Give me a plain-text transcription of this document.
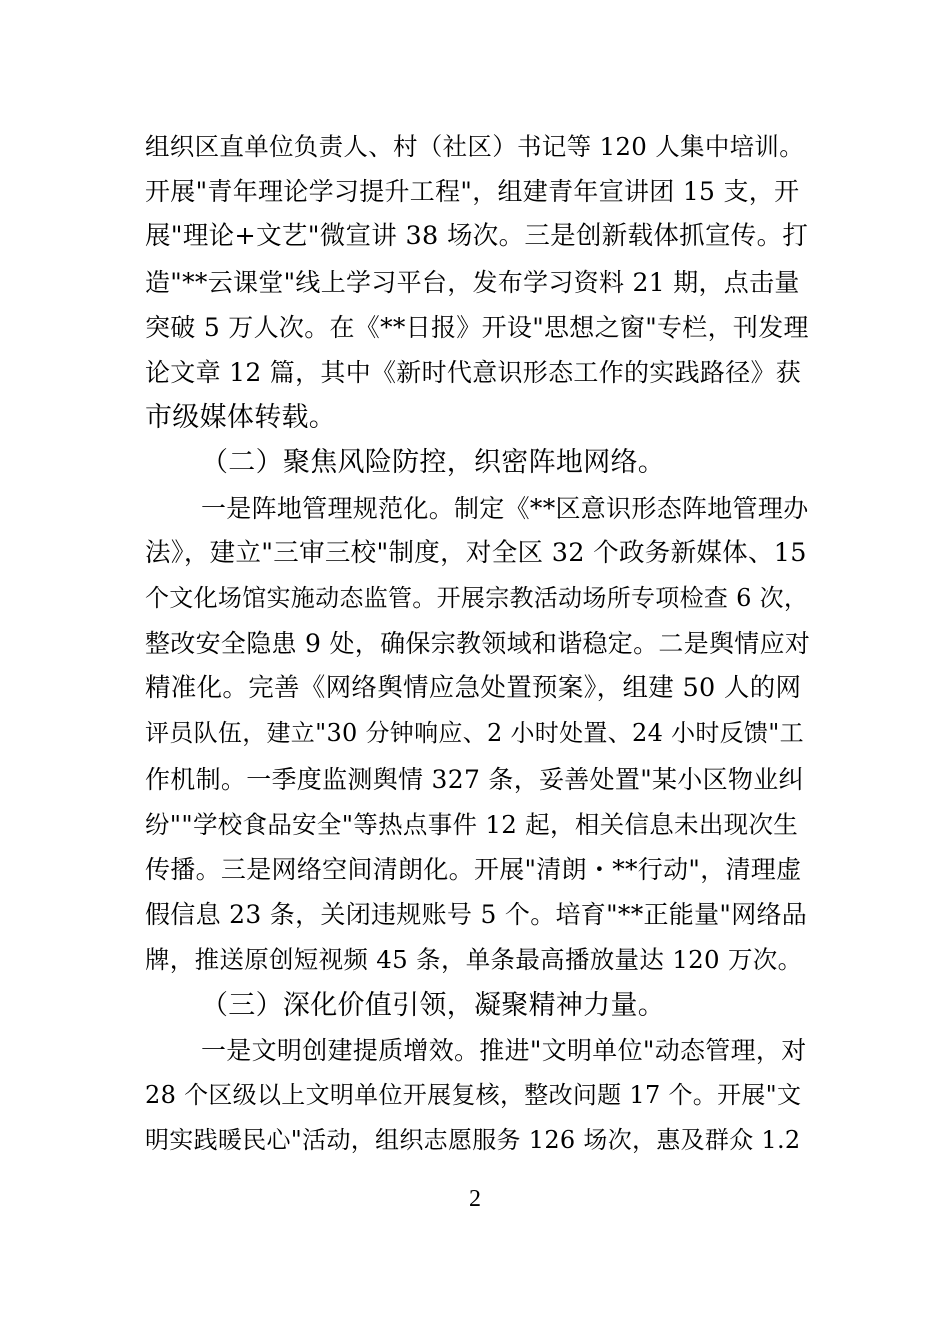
组织区直单位负责人、村（社区）书记等 120 人集中培训。
开展"青年理论学习提升工程"，组建青年宣讲团 15 支，开
展"理论+文艺"微宣讲 38 场次。三是创新载体抓宣传。打
造"**云课堂"线上学习平台，发布学习资料 21 期，点击量
突破 5 万人次。在《**日报》开设"思想之窗"专栏，刊发理
论文章 12 篇，其中《新时代意识形态工作的实践路径》获
市级媒体转载。
（二）聚焦风险防控，织密阵地网络。
一是阵地管理规范化。制定《**区意识形态阵地管理办
法》，建立"三审三校"制度，对全区 32 个政务新媒体、15
个文化场馆实施动态监管。开展宗教活动场所专项检查 6 次，
整改安全隐患 9 处，确保宗教领域和谐稳定。二是舆情应对
精准化。完善《网络舆情应急处置预案》，组建 50 人的网
评员队伍，建立"30 分钟响应、2 小时处置、24 小时反馈"工
作机制。一季度监测舆情 327 条，妥善处置"某小区物业纠
纷""学校食品安全"等热点事件 12 起，相关信息未出现次生
传播。三是网络空间清朗化。开展"清朗・**行动"，清理虚
假信息 23 条，关闭违规账号 5 个。培育"**正能量"网络品
牌，推送原创短视频 45 条，单条最高播放量达 120 万次。
（三）深化价值引领，凝聚精神力量。
一是文明创建提质增效。推进"文明单位"动态管理，对
28 个区级以上文明单位开展复核，整改问题 17 个。开展"文
明实践暖民心"活动，组织志愿服务 126 场次，惠及群众 1.2
2
